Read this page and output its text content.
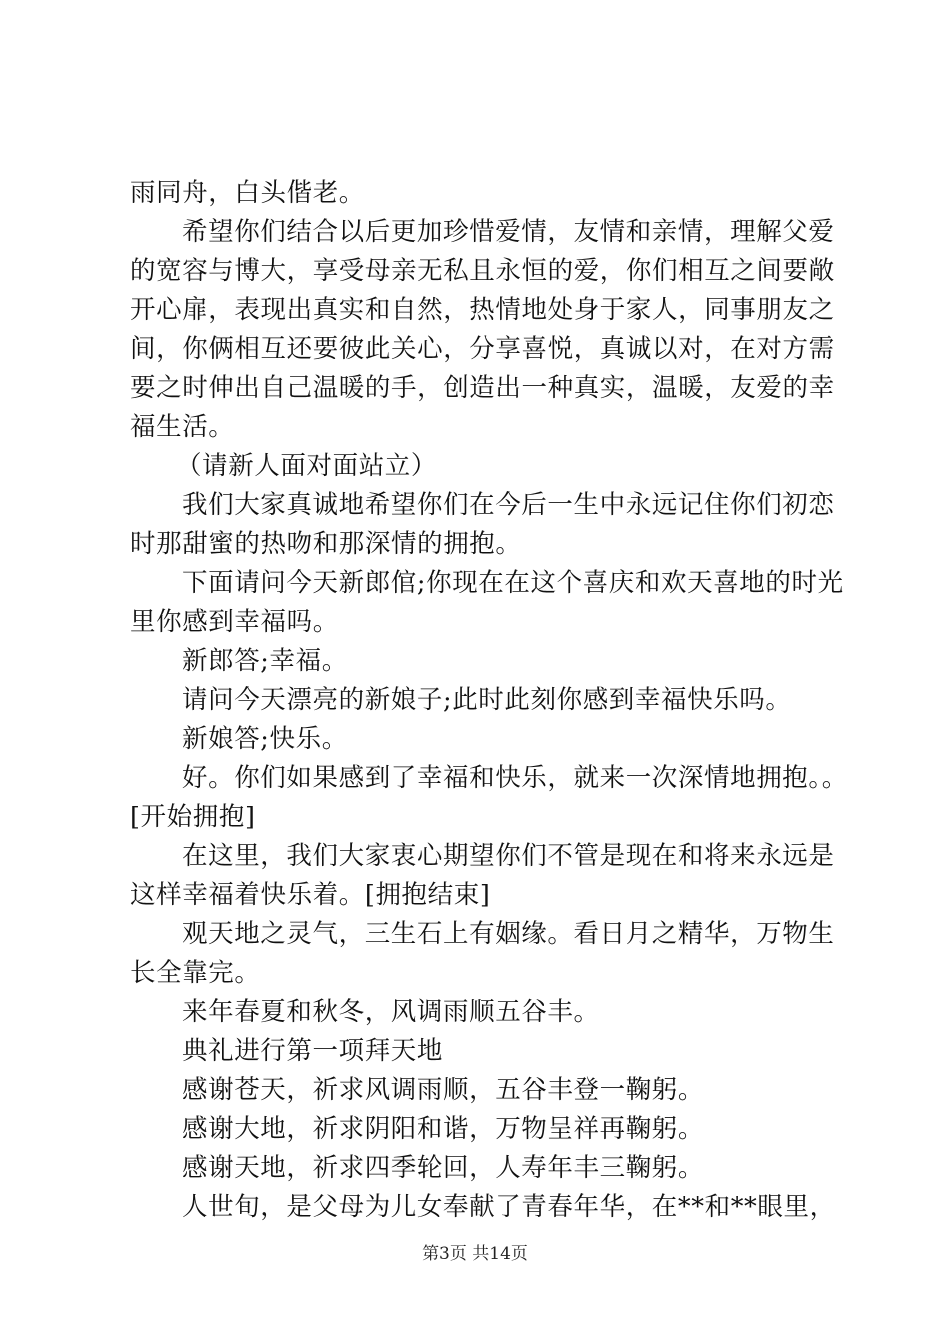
雨同舟，白头偕老。
希望你们结合以后更加珍惜爱情，友情和亲情，理解父爱
的宽容与博大，享受母亲无私且永恒的爱，你们相互之间要敞
开心扉，表现出真实和自然，热情地处身于家人，同事朋友之
间，你俩相互还要彼此关心，分享喜悦，真诚以对，在对方需
要之时伸出自己温暖的手，创造出一种真实，温暖，友爱的幸
福生活。
（请新人面对面站立）
我们大家真诚地希望你们在今后一生中永远记住你们初恋
时那甜蜜的热吻和那深情的拥抱。
下面请问今天新郎倌;你现在在这个喜庆和欢天喜地的时光
里你感到幸福吗。
新郎答;幸福。
请问今天漂亮的新娘子;此时此刻你感到幸福快乐吗。
新娘答;快乐。
好。你们如果感到了幸福和快乐，就来一次深情地拥抱。。
[开始拥抱]
在这里，我们大家衷心期望你们不管是现在和将来永远是
这样幸福着快乐着。[拥抱结束]
观天地之灵气，三生石上有姻缘。看日月之精华，万物生
长全靠完。
来年春夏和秋冬，风调雨顺五谷丰。
典礼进行第一项拜天地
感谢苍天，祈求风调雨顺，五谷丰登一鞠躬。
感谢大地，祈求阴阳和谐，万物呈祥再鞠躬。
感谢天地，祈求四季轮回，人寿年丰三鞠躬。
人世旬，是父母为儿女奉献了青春年华，在**和**眼里，
第3页 共14页
